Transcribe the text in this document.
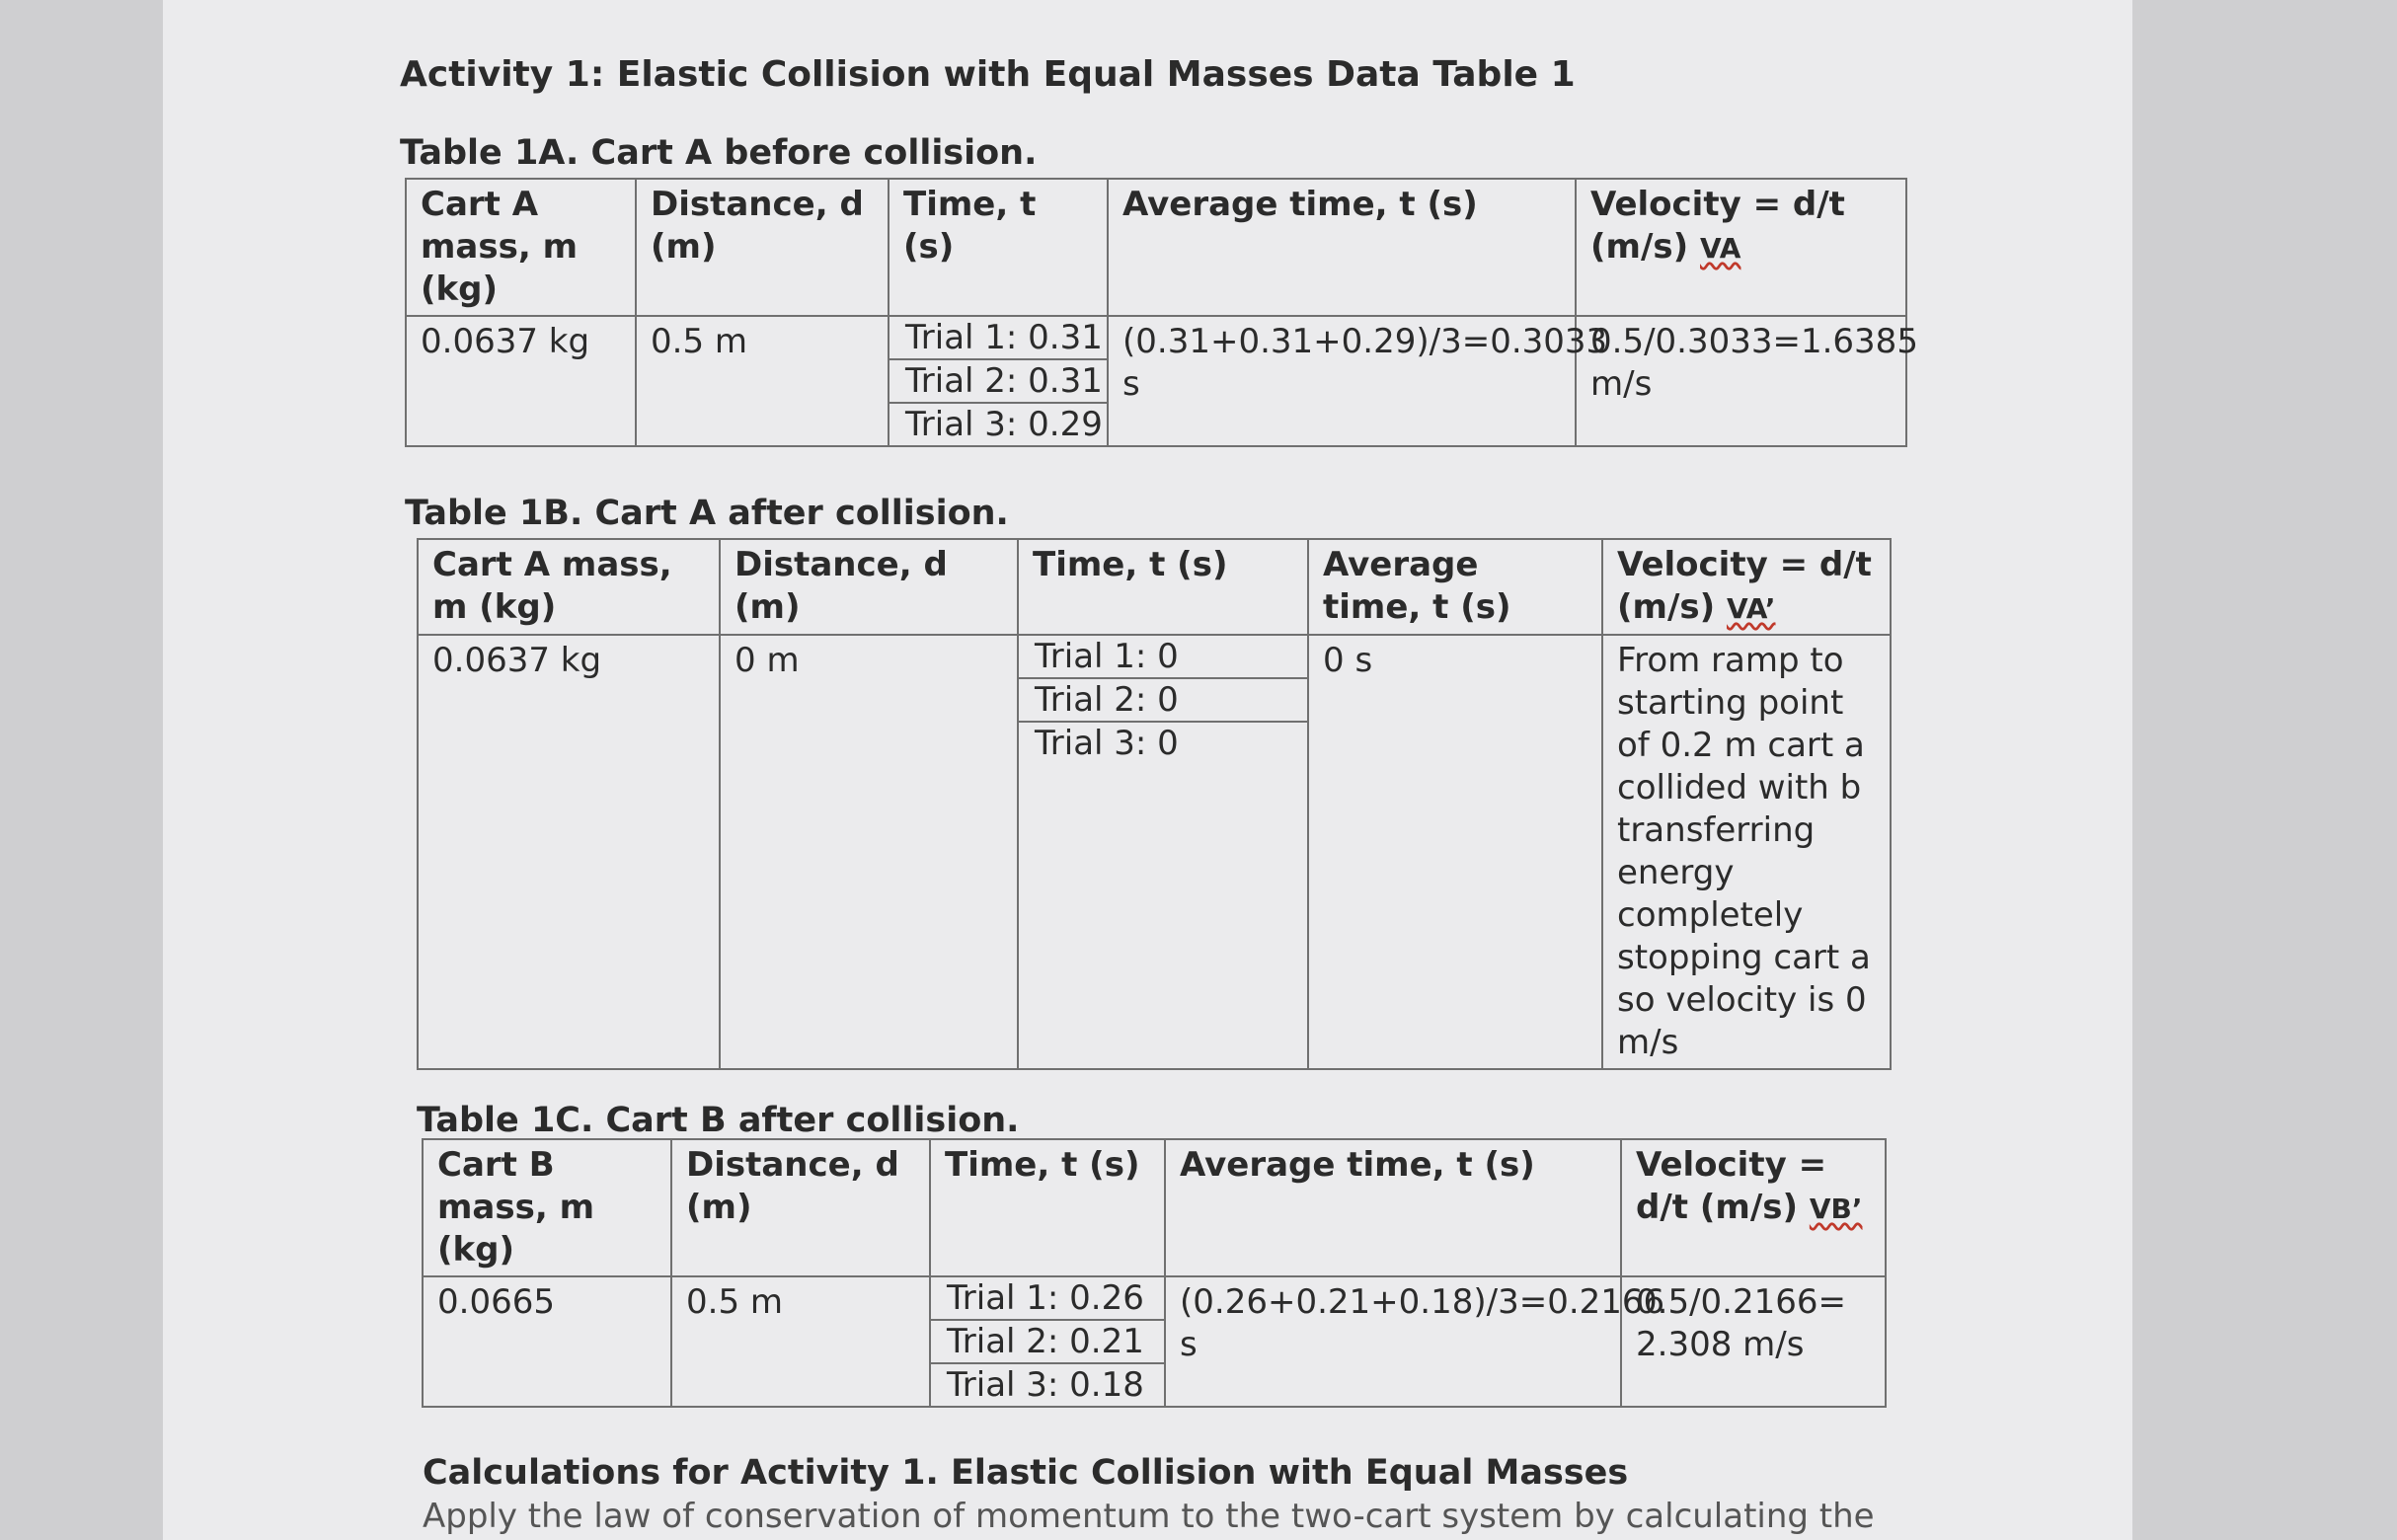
Activity 1: Elastic Collision with Equal Masses Data Table 1
Table 1A. Cart A before collision.
Cart A mass, m (kg)	Distance, d (m)	Time, t (s)	Average time, t (s)	Velocity = d/t (m/s) VA
0.0637 kg	0.5 m	Trial 1: 0.31
Trial 2: 0.31
Trial 3: 0.29	(0.31+0.31+0.29)/3=0.3033 s	0.5/0.3033=1.6385 m/s
Table 1B. Cart A after collision.
Cart A mass, m (kg)	Distance, d (m)	Time, t (s)	Average time, t (s)	Velocity = d/t (m/s) VA’
0.0637 kg	0 m	Trial 1: 0
Trial 2: 0
Trial 3: 0	0 s	From ramp to starting point of 0.2 m cart a collided with b transferring energy completely stopping cart a so velocity is 0 m/s
Table 1C. Cart B after collision.
Cart B mass, m (kg)	Distance, d (m)	Time, t (s)	Average time, t (s)	Velocity = d/t (m/s) VB’
0.0665	0.5 m	Trial 1: 0.26
Trial 2: 0.21
Trial 3: 0.18	(0.26+0.21+0.18)/3=0.2166 s	0.5/0.2166= 2.308 m/s
Calculations for Activity 1. Elastic Collision with Equal Masses
Apply the law of conservation of momentum to the two-cart system by calculating the
